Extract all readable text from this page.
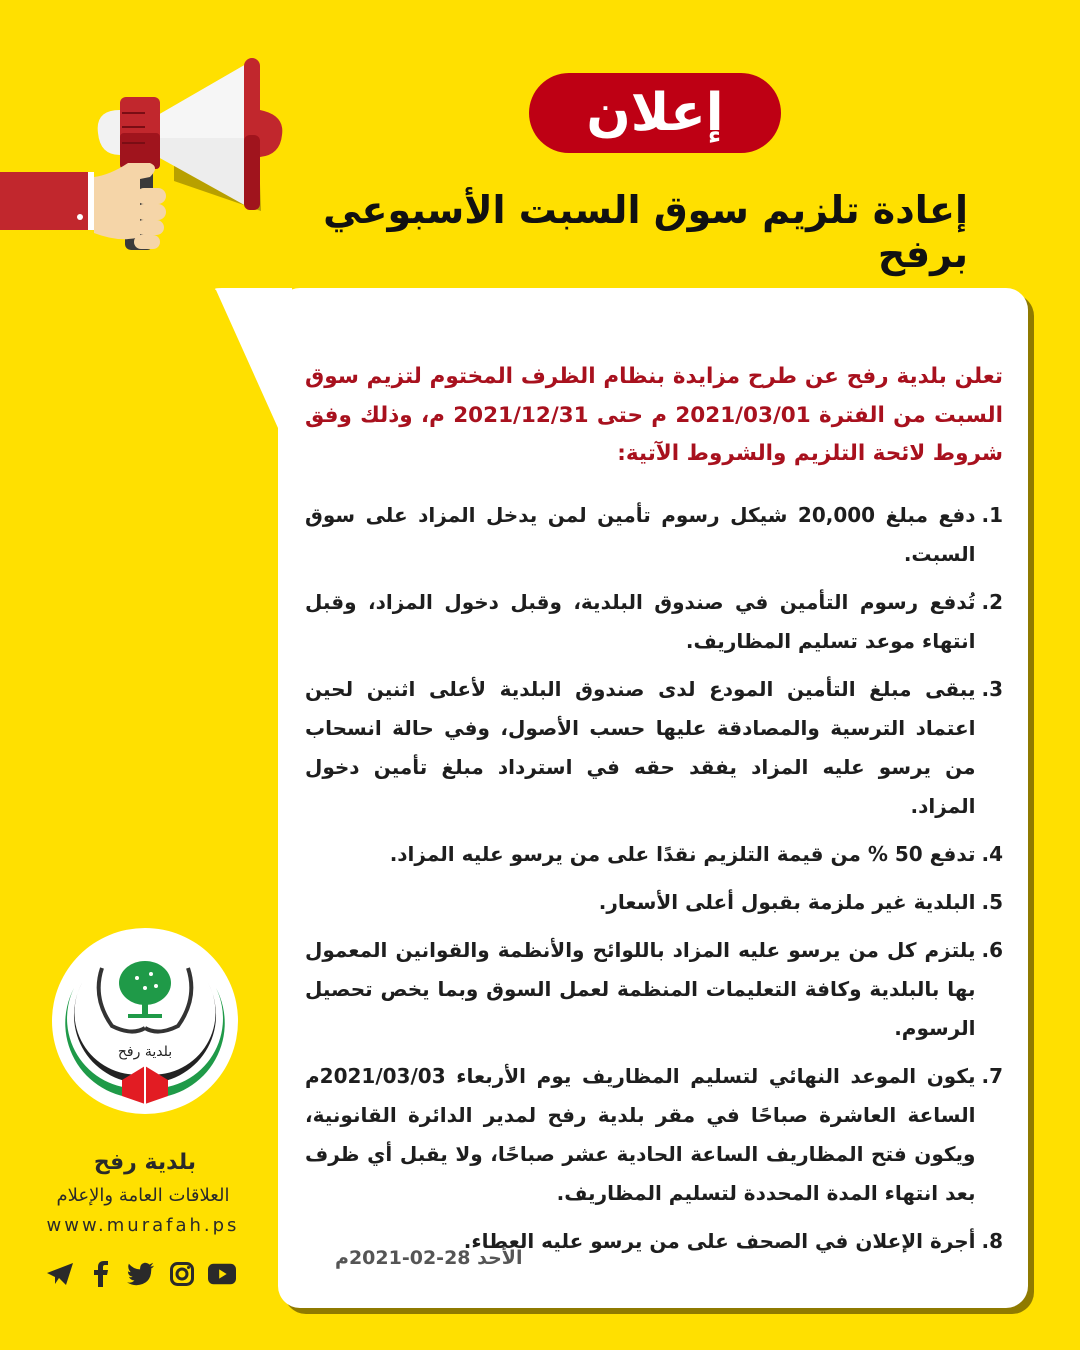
إعلان
إعادة تلزيم سوق السبت الأسبوعي برفح

تعلن بلدية رفح عن طرح مزايدة بنظام الظرف المختوم لتزيم سوق السبت من الفترة 2021/03/01 م حتى 2021/12/31 م، وذلك وفق شروط لائحة التلزيم والشروط الآتية:

1.
دفع مبلغ 20,000 شيكل رسوم تأمين لمن يدخل المزاد على سوق السبت.
2.
تُدفع رسوم التأمين في صندوق البلدية، وقبل دخول المزاد، وقبل انتهاء موعد تسليم المظاريف.
3.
يبقى مبلغ التأمين المودع لدى صندوق البلدية لأعلى اثنين لحين اعتماد الترسية والمصادقة عليها حسب الأصول، وفي حالة انسحاب من يرسو عليه المزاد يفقد حقه في استرداد مبلغ تأمين دخول المزاد.
4.
تدفع 50 % من قيمة التلزيم نقدًا على من يرسو عليه المزاد.
5.
البلدية غير ملزمة بقبول أعلى الأسعار.
6.
يلتزم كل من يرسو عليه المزاد باللوائح والأنظمة والقوانين المعمول بها بالبلدية وكافة التعليمات المنظمة لعمل السوق وبما يخص تحصيل الرسوم.
7.
يكون الموعد النهائي لتسليم المظاريف يوم الأربعاء 2021/03/03م الساعة العاشرة صباحًا في مقر بلدية رفح لمدير الدائرة القانونية، ويكون فتح المظاريف الساعة الحادية عشر صباحًا، ولا يقبل أي ظرف بعد انتهاء المدة المحددة لتسليم المظاريف.
8.
أجرة الإعلان في الصحف على من يرسو عليه العطاء.
الأحد 28-02-2021م
بلدية رفح
بلدية رفح
العلاقات العامة والإعلام
www.murafah.ps
